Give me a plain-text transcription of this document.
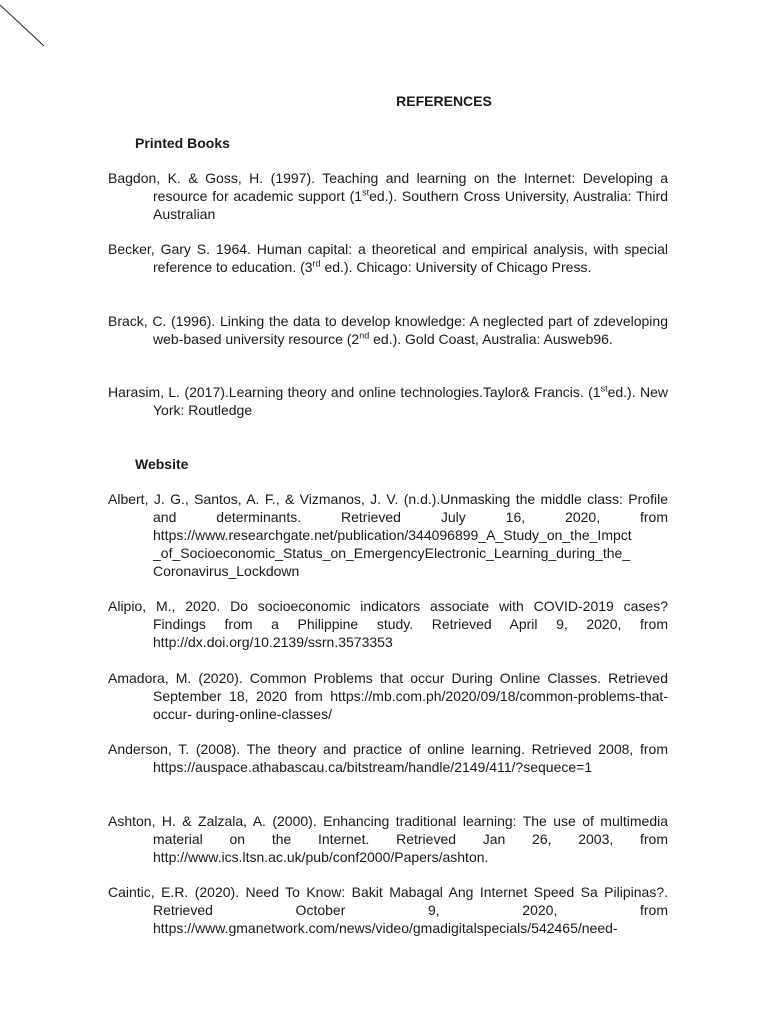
REFERENCES
Printed Books

Bagdon, K. & Goss, H. (1997). Teaching and learning on the Internet: Developing a resource for academic support (1sted.). Southern Cross University, Australia: Third Australian

Becker, Gary S. 1964. Human capital: a theoretical and empirical analysis, with special reference to education. (3rd ed.). Chicago: University of Chicago Press.

Brack, C. (1996). Linking the data to develop knowledge: A neglected part of zdeveloping web-based university resource (2nd ed.). Gold Coast, Australia: Ausweb96.

Harasim, L. (2017).Learning theory and online technologies.Taylor& Francis. (1sted.). New York: Routledge

Website

Albert, J. G., Santos, A. F., & Vizmanos, J. V. (n.d.).Unmasking the middle class: Profile and determinants. Retrieved July 16, 2020, from https://www.researchgate.net/publication/344096899_A_Study_on_the_Impct _of_Socioeconomic_Status_on_EmergencyElectronic_Learning_during_the_ Coronavirus_Lockdown

Alipio, M., 2020. Do socioeconomic indicators associate with COVID-2019 cases? Findings from a Philippine study. Retrieved April 9, 2020, from http://dx.doi.org/10.2139/ssrn.3573353

Amadora, M. (2020). Common Problems that occur During Online Classes. Retrieved September 18, 2020 from https://mb.com.ph/2020/09/18/common-problems-that-occur- during-online-classes/

Anderson, T. (2008). The theory and practice of online learning. Retrieved 2008, from https://auspace.athabascau.ca/bitstream/handle/2149/411/?sequece=1

Ashton, H. & Zalzala, A. (2000). Enhancing traditional learning: The use of multimedia material on the Internet. Retrieved Jan 26, 2003, from http://www.ics.ltsn.ac.uk/pub/conf2000/Papers/ashton.

Caintic, E.R. (2020). Need To Know: Bakit Mabagal Ang Internet Speed Sa Pilipinas?. Retrieved October 9, 2020, from https://www.gmanetwork.com/news/video/gmadigitalspecials/542465/need-
